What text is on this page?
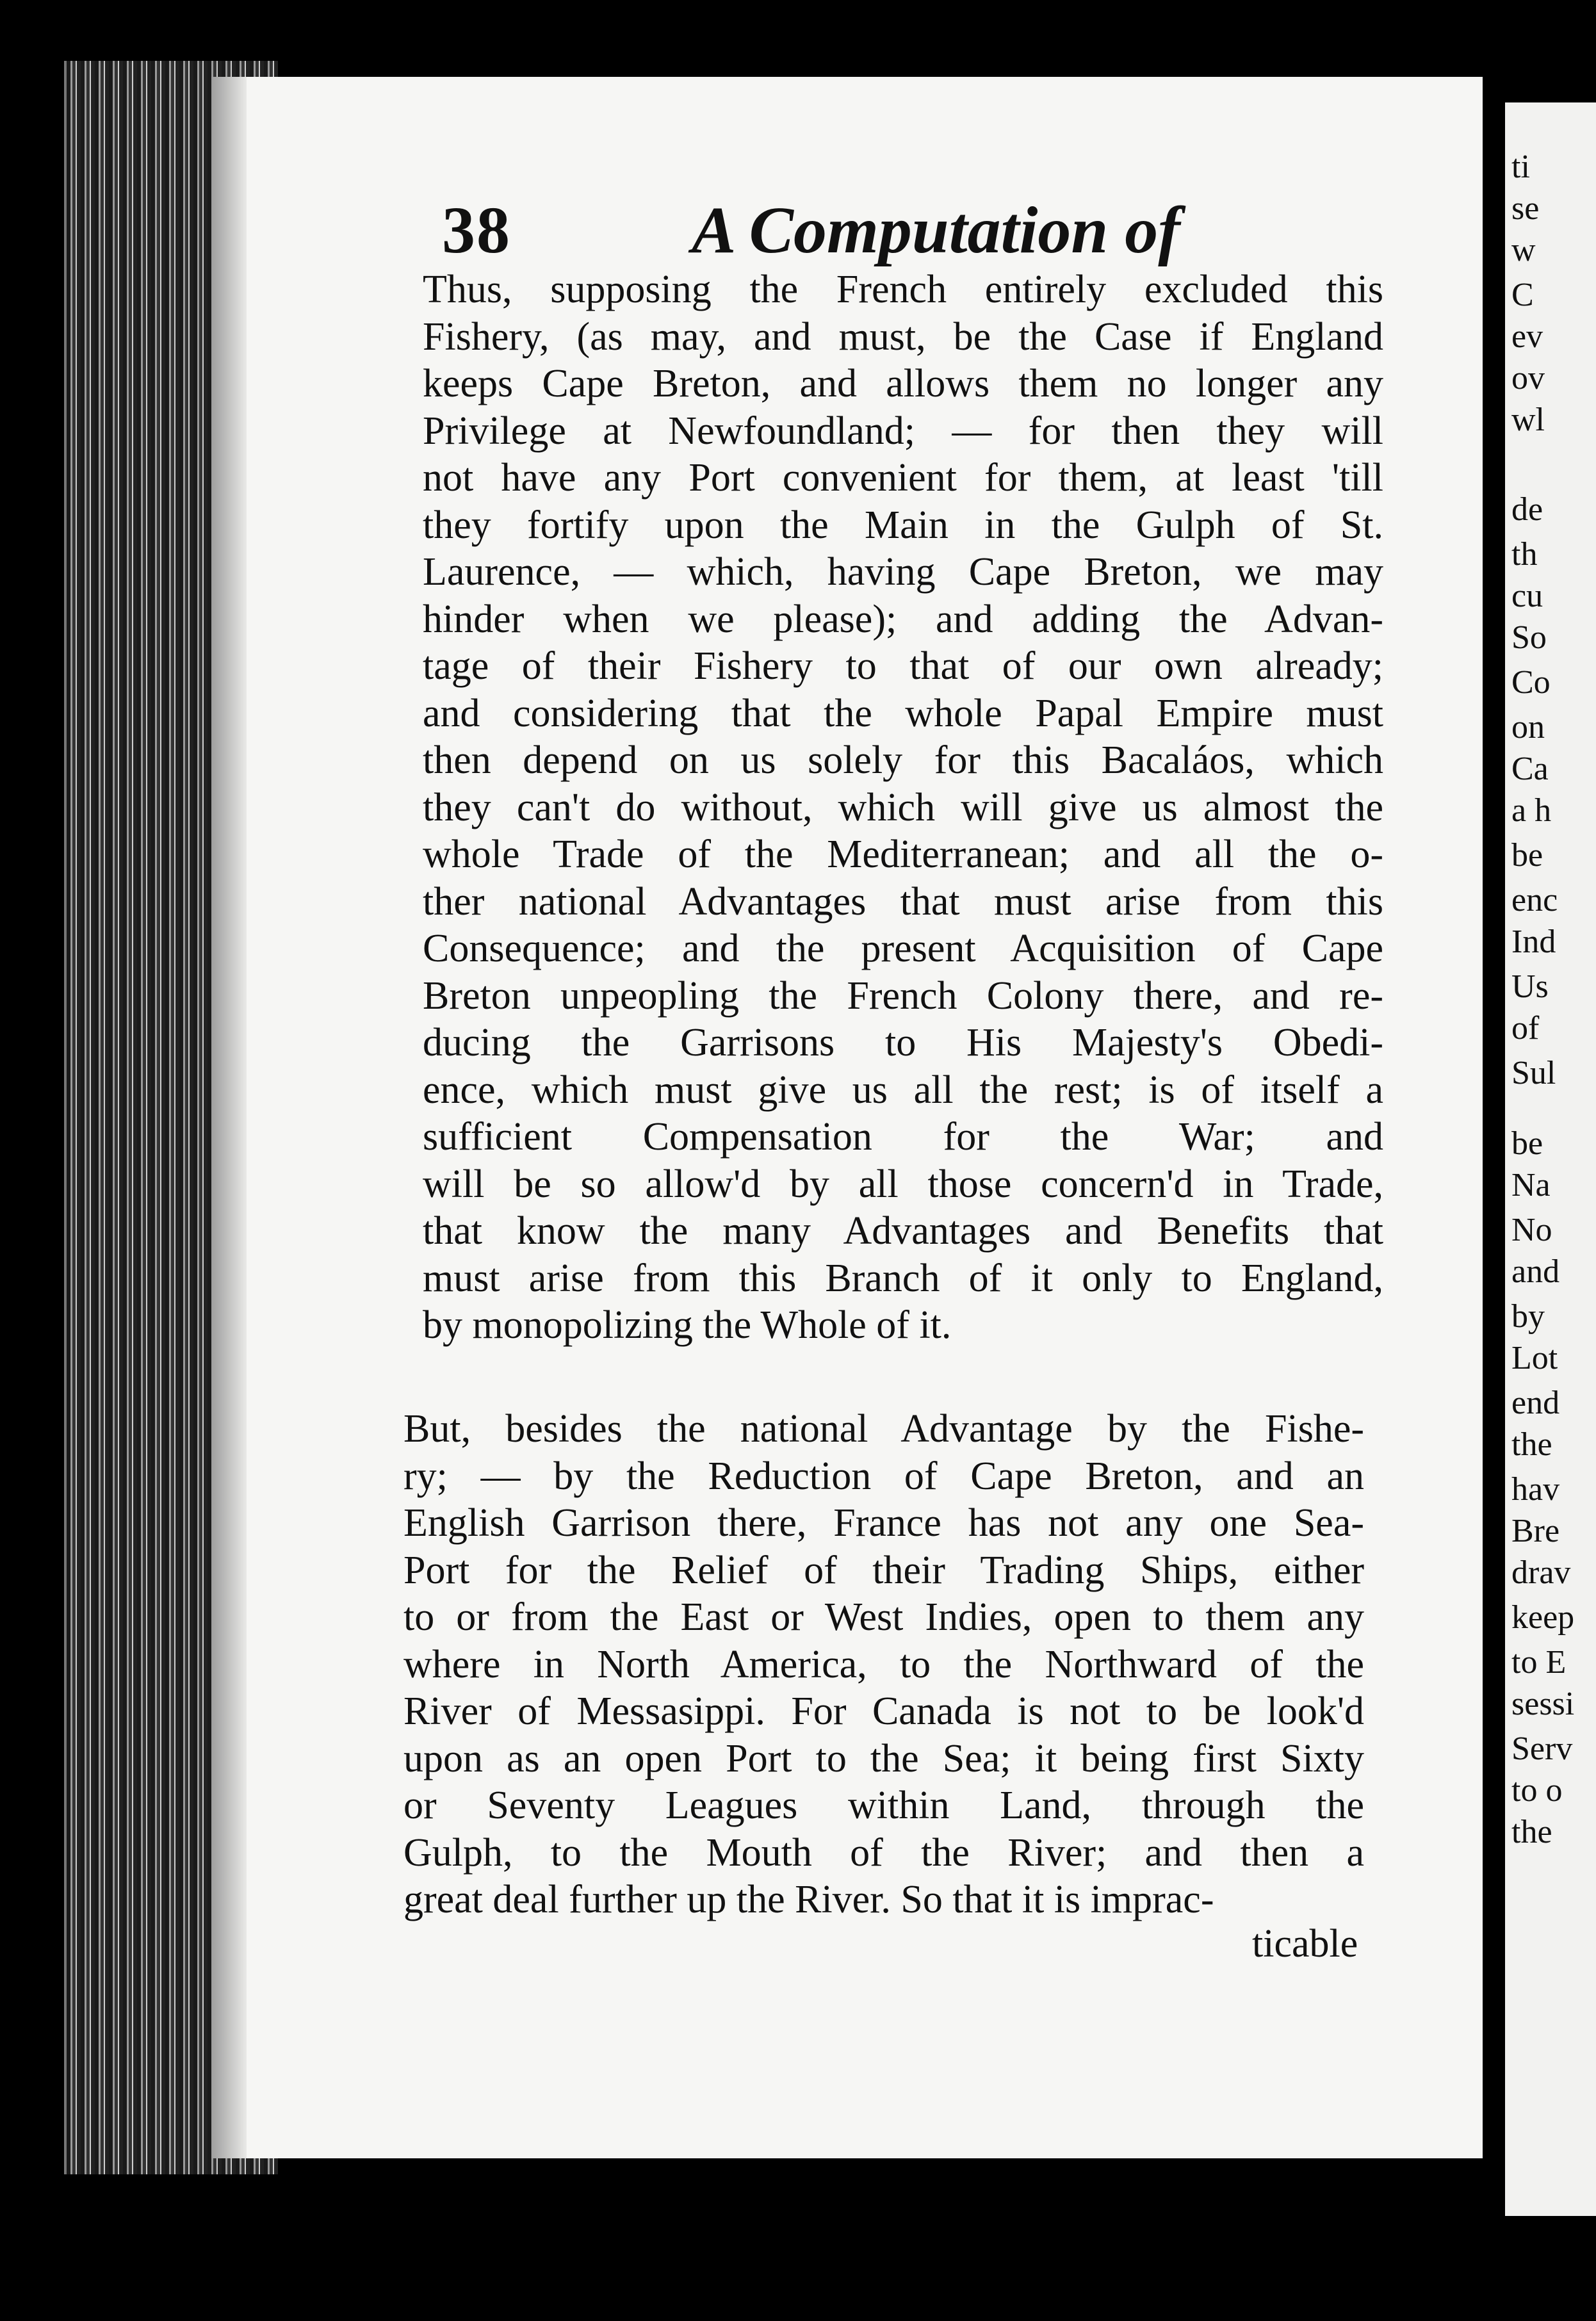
ti
se
w
C
ev
ov
wl
de
th
cu
So
Co
on
Ca
a h
be
enc
Ind
Us
of
Sul
be
Na
No
and
by
Lot
end
the
hav
Bre
drav
keep
to E
sessi
Serv
to o
the
38	A Computation of
Thus, supposing the French entirely excluded this
Fishery, (as may, and must, be the Case if England
keeps Cape Breton, and allows them no longer any
Privilege at Newfoundland; — for then they will
not have any Port convenient for them, at least 'till
they fortify upon the Main in the Gulph of St.
Laurence, — which, having Cape Breton, we may
hinder when we please); and adding the Advan-
tage of their Fishery to that of our own already;
and considering that the whole Papal Empire must
then depend on us solely for this Bacaláos, which
they can't do without, which will give us almost the
whole Trade of the Mediterranean; and all the o-
ther national Advantages that must arise from this
Consequence; and the present Acquisition of Cape
Breton unpeopling the French Colony there, and re-
ducing the Garrisons to His Majesty's Obedi-
ence, which must give us all the rest; is of itself a
sufficient Compensation for the War; and
will be so allow'd by all those concern'd in Trade,
that know the many Advantages and Benefits that
must arise from this Branch of it only to England,
by monopolizing the Whole of it.
But, besides the national Advantage by the Fishe-
ry; — by the Reduction of Cape Breton, and an
English Garrison there, France has not any one Sea-
Port for the Relief of their Trading Ships, either
to or from the East or West Indies, open to them any
where in North America, to the Northward of the
River of Messasippi. For Canada is not to be look'd
upon as an open Port to the Sea; it being first Sixty
or Seventy Leagues within Land, through the
Gulph, to the Mouth of the River; and then a
great deal further up the River. So that it is imprac-
ticable
